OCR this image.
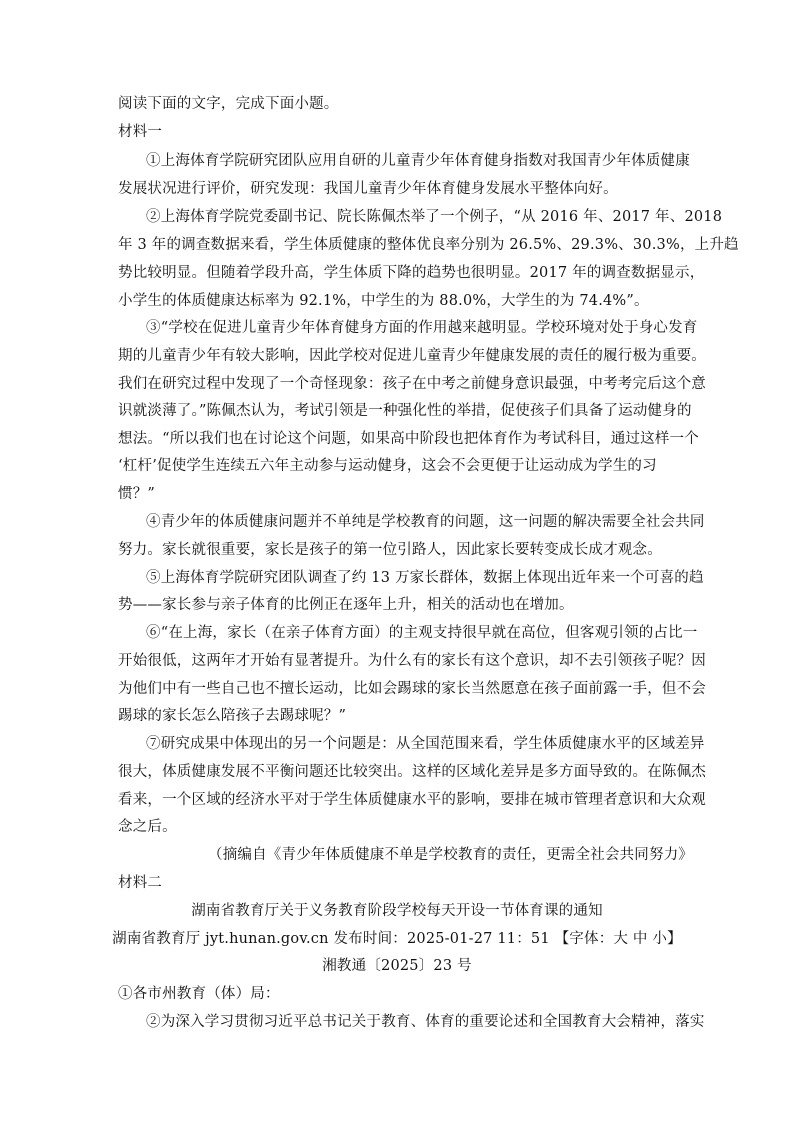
阅读下面的文字，完成下面小题。
材料一
①上海体育学院研究团队应用自研的儿童青少年体育健身指数对我国青少年体质健康
发展状况进行评价，研究发现：我国儿童青少年体育健身发展水平整体向好。
②上海体育学院党委副书记、院长陈佩杰举了一个例子，“从 2016 年、2017 年、2018
年 3 年的调查数据来看，学生体质健康的整体优良率分别为 26.5%、29.3%、30.3%，上升趋
势比较明显。但随着学段升高，学生体质下降的趋势也很明显。2017 年的调查数据显示，
小学生的体质健康达标率为 92.1%，中学生的为 88.0%，大学生的为 74.4%”。
③“学校在促进儿童青少年体育健身方面的作用越来越明显。学校环境对处于身心发育
期的儿童青少年有较大影响，因此学校对促进儿童青少年健康发展的责任的履行极为重要。
我们在研究过程中发现了一个奇怪现象：孩子在中考之前健身意识最强，中考考完后这个意
识就淡薄了。”陈佩杰认为，考试引领是一种强化性的举措，促使孩子们具备了运动健身的
想法。“所以我们也在讨论这个问题，如果高中阶段也把体育作为考试科目，通过这样一个
‘杠杆’促使学生连续五六年主动参与运动健身，这会不会更便于让运动成为学生的习
惯？”
④青少年的体质健康问题并不单纯是学校教育的问题，这一问题的解决需要全社会共同
努力。家长就很重要，家长是孩子的第一位引路人，因此家长要转变成长成才观念。
⑤上海体育学院研究团队调查了约 13 万家长群体，数据上体现出近年来一个可喜的趋
势——家长参与亲子体育的比例正在逐年上升，相关的活动也在增加。
⑥“在上海，家长（在亲子体育方面）的主观支持很早就在高位，但客观引领的占比一
开始很低，这两年才开始有显著提升。为什么有的家长有这个意识，却不去引领孩子呢？因
为他们中有一些自己也不擅长运动，比如会踢球的家长当然愿意在孩子面前露一手，但不会
踢球的家长怎么陪孩子去踢球呢？”
⑦研究成果中体现出的另一个问题是：从全国范围来看，学生体质健康水平的区域差异
很大，体质健康发展不平衡问题还比较突出。这样的区域化差异是多方面导致的。在陈佩杰
看来，一个区域的经济水平对于学生体质健康水平的影响，要排在城市管理者意识和大众观
念之后。
（摘编自《青少年体质健康不单是学校教育的责任，更需全社会共同努力》
材料二
湖南省教育厅关于义务教育阶段学校每天开设一节体育课的通知
湖南省教育厅 jyt.hunan.gov.cn 发布时间：2025-01-27 11：51 【字体：大 中 小】
湘教通〔2025〕23 号
①各市州教育（体）局：
②为深入学习贯彻习近平总书记关于教育、体育的重要论述和全国教育大会精神，落实
